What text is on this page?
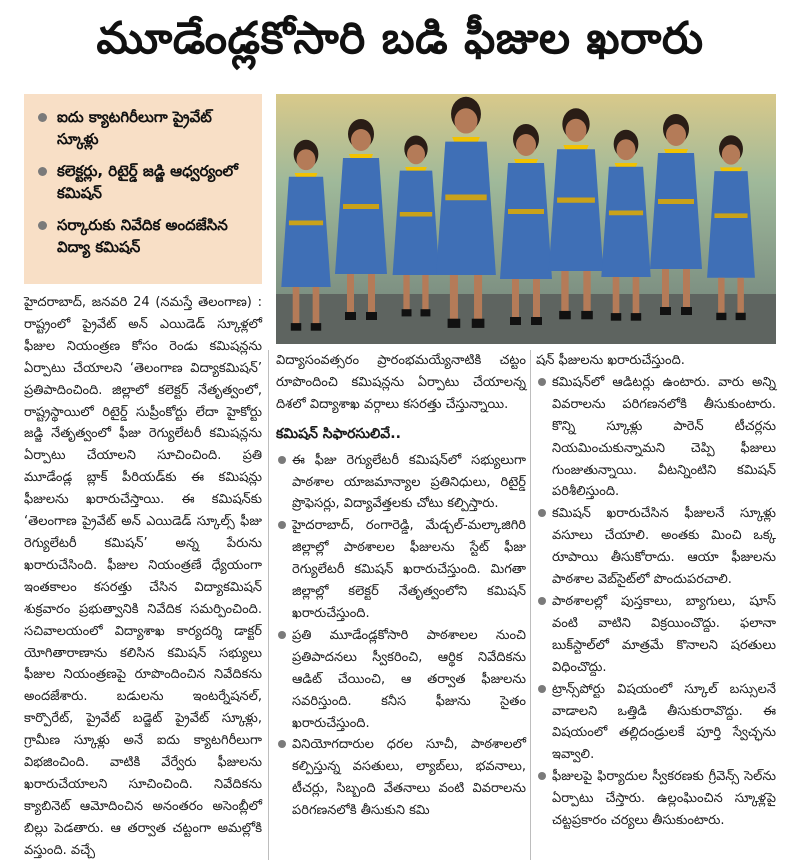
మూడేండ్లకోసారి బడి ఫీజుల ఖరారు
ఐదు క్యాటగిరీలుగా ప్రైవేట్‌ స్కూళ్లు
కలెక్టర్లు, రిటైర్డ్‌ జడ్జి ఆధ్వర్యంలో కమిషన్‌
సర్కారుకు నివేదిక అందజేసిన విద్యా కమిషన్‌

హైదరాబాద్‌, జనవరి 24 (నమస్తే తెలంగాణ) : రాష్ట్రంలో ప్రైవేట్‌ అన్‌ ఎయిడెడ్‌ స్కూళ్లలో ఫీజుల నియంత్రణ కోసం రెండు కమిషన్లను ఏర్పాటు చేయాలని ‘తెలంగాణ విద్యాకమిషన్‌’ ప్రతిపాదించింది. జిల్లాలో కలెక్టర్‌ నేతృత్వంలో, రాష్ట్రస్థాయిలో రిటైర్డ్‌ సుప్రీంకోర్టు లేదా హైకోర్టు జడ్జి నేతృత్వంలో ఫీజు రెగ్యులేటరీ కమిషన్లను ఏర్పాటు చేయాలని సూచించింది. ప్రతి మూడేండ్ల బ్లాక్‌ పీరియడ్‌కు ఈ కమిషన్లు ఫీజులను ఖరారుచేస్తాయి. ఈ కమిషన్‌కు ‘తెలంగాణ ప్రైవేట్‌ అన్‌ ఎయిడెడ్‌ స్కూల్స్‌ ఫీజు రెగ్యులేటరీ కమిషన్‌’ అన్న పేరును ఖరారుచేసింది. ఫీజుల నియంత్రణే ధ్యేయంగా ఇంతకాలం కసరత్తు చేసిన విద్యాకమిషన్‌ శుక్రవారం ప్రభుత్వానికి నివేదిక సమర్పించింది. సచివాలయంలో విద్యాశాఖ కార్యదర్శి డాక్టర్‌ యోగితారాణాను కలిసిన కమిషన్‌ సభ్యులు ఫీజుల నియంత్రణపై రూపొందించిన నివేదికను అందజేశారు. బడులను ఇంటర్నేషనల్‌, కార్పొరేట్‌, ప్రైవేట్‌ బడ్జెట్‌ ప్రైవేట్‌ స్కూళ్లు, గ్రామీణ స్కూళ్లు అనే ఐదు క్యాటగిరీలుగా విభజించింది. వాటికి వేర్వేరు ఫీజులను ఖరారుచేయాలని సూచించింది. నివేదికను క్యాబినెట్‌ ఆమోదించిన అనంతరం అసెంబ్లీలో బిల్లు పెడతారు. ఆ తర్వాత చట్టంగా అమల్లోకి వస్తుంది. వచ్చే

విద్యాసంవత్సరం ప్రారంభమయ్యేనాటికి చట్టం రూపొందించి కమిషన్లను ఏర్పాటు చేయాలన్న దిశలో విద్యాశాఖ వర్గాలు కసరత్తు చేస్తున్నాయి.

కమిషన్‌ సిఫారసులివే..
ఈ ఫీజు రెగ్యులేటరీ కమిషన్‌లో సభ్యులుగా పాఠశాల యాజమాన్యాల ప్రతినిధులు, రిటైర్డ్‌ ప్రొఫెసర్లు, విద్యావేత్తలకు చోటు కల్పిస్తారు.
హైదరాబాద్‌, రంగారెడ్డి, మేడ్చల్‌-మల్కాజిగిరి జిల్లాల్లో పాఠశాలల ఫీజులను స్టేట్‌ ఫీజు రెగ్యులేటరీ కమిషన్‌ ఖరారుచేస్తుంది. మిగతా జిల్లాల్లో కలెక్టర్‌ నేతృత్వంలోని కమిషన్‌ ఖరారుచేస్తుంది.
ప్రతి మూడేండ్లకోసారి పాఠశాలల నుంచి ప్రతిపాదనలు స్వీకరించి, ఆర్థిక నివేదికను ఆడిట్‌ చేయించి, ఆ తర్వాత ఫీజులను సవరిస్తుంది. కనీస ఫీజును సైతం ఖరారుచేస్తుంది.
వినియోగదారుల ధరల సూచీ, పాఠశాలలో కల్పిస్తున్న వసతులు, ల్యాబ్‌లు, భవనాలు, టీచర్లు, సిబ్బంది వేతనాలు వంటి వివరాలను పరిగణనలోకి తీసుకుని కమి

షన్‌ ఫీజులను ఖరారుచేస్తుంది.

కమిషన్‌లో ఆడిటర్లు ఉంటారు. వారు అన్ని వివరాలను పరిగణనలోకి తీసుకుంటారు. కొన్ని స్కూళ్లు పారెన్‌ టీచర్లను నియమించుకున్నామని చెప్పి ఫీజులు గుంజుతున్నాయి. వీటన్నింటిని కమిషన్‌ పరిశీలిస్తుంది.
కమిషన్‌ ఖరారుచేసిన ఫీజులనే స్కూళ్లు వసూలు చేయాలి. అంతకు మించి ఒక్క రూపాయి తీసుకోరాదు. ఆయా ఫీజులను పాఠశాల వెబ్‌సైట్‌లో పొందుపరచాలి.
పాఠశాలల్లో పుస్తకాలు, బ్యాగులు, షూస్‌ వంటి వాటిని విక్రయించొద్దు. ఫలానా బుక్‌స్టాల్‌లో మాత్రమే కొనాలని షరతులు విధించొద్దు.
ట్రాన్స్‌పోర్టు విషయంలో స్కూల్‌ బస్సులనే వాడాలని ఒత్తిడి తీసుకురావొద్దు. ఈ విషయంలో తల్లిదండ్రులకే పూర్తి స్వేచ్ఛను ఇవ్వాలి.
ఫీజులపై ఫిర్యాదుల స్వీకరణకు గ్రీవెన్స్‌ సెల్‌ను ఏర్పాటు చేస్తారు. ఉల్లంఘించిన స్కూళ్లపై చట్టప్రకారం చర్యలు తీసుకుంటారు.
